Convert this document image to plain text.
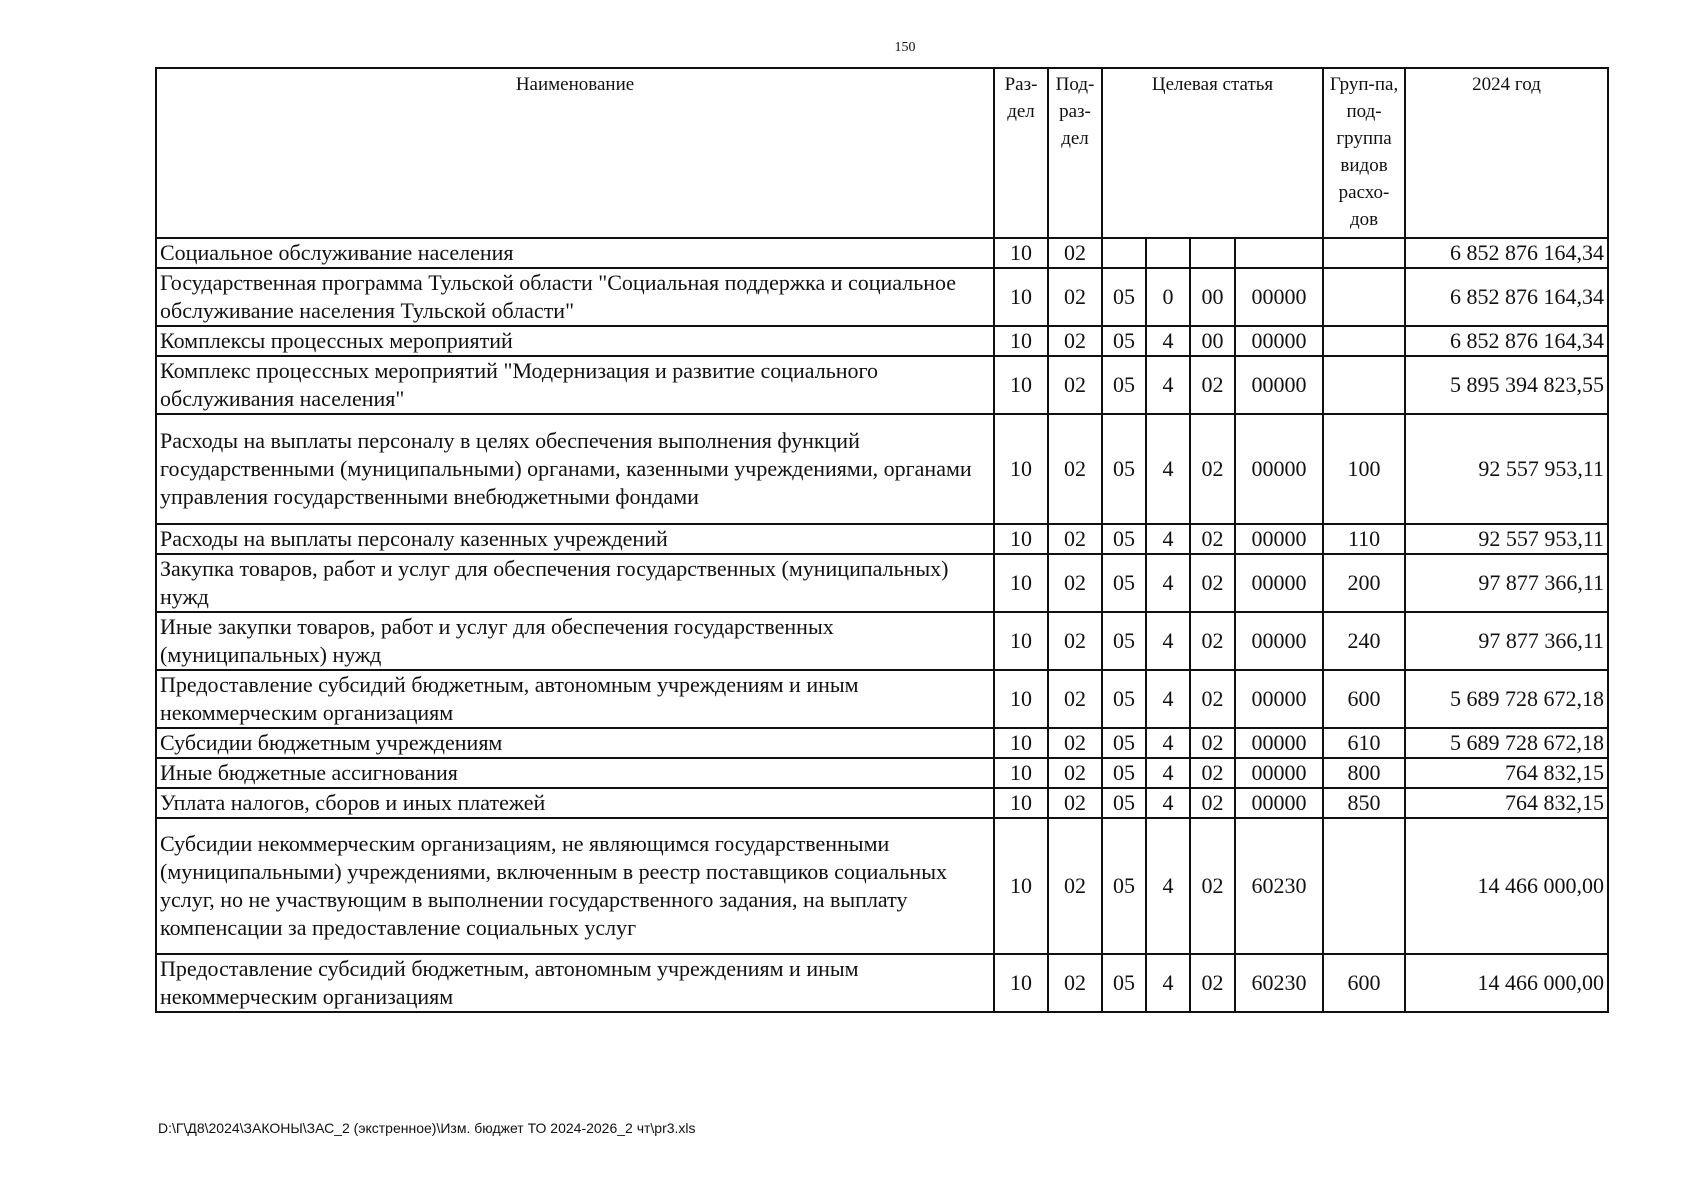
150
Наименование	Раз-дел	Под-раз-дел	Целевая статья				Груп-па, под-группа видов расхо-дов	2024 год
Социальное обслуживание населения	10	02						6 852 876 164,34
Государственная программа Тульской области "Социальная поддержка и социальное обслуживание населения Тульской области"	10	02	05	0	00	00000		6 852 876 164,34
Комплексы процессных мероприятий	10	02	05	4	00	00000		6 852 876 164,34
Комплекс процессных мероприятий "Модернизация и развитие социального обслуживания населения"	10	02	05	4	02	00000		5 895 394 823,55
Расходы на выплаты персоналу в целях обеспечения выполнения функций государственными (муниципальными) органами, казенными учреждениями, органами управления государственными внебюджетными фондами	10	02	05	4	02	00000	100	92 557 953,11
Расходы на выплаты персоналу казенных учреждений	10	02	05	4	02	00000	110	92 557 953,11
Закупка товаров, работ и услуг для обеспечения государственных (муниципальных) нужд	10	02	05	4	02	00000	200	97 877 366,11
Иные закупки товаров, работ и услуг для обеспечения государственных (муниципальных) нужд	10	02	05	4	02	00000	240	97 877 366,11
Предоставление субсидий бюджетным, автономным учреждениям и иным некоммерческим организациям	10	02	05	4	02	00000	600	5 689 728 672,18
Субсидии бюджетным учреждениям	10	02	05	4	02	00000	610	5 689 728 672,18
Иные бюджетные ассигнования	10	02	05	4	02	00000	800	764 832,15
Уплата налогов, сборов и иных платежей	10	02	05	4	02	00000	850	764 832,15
Субсидии некоммерческим организациям, не являющимся государственными (муниципальными) учреждениями, включенным в реестр поставщиков социальных услуг, но не участвующим в выполнении государственного задания, на выплату компенсации за предоставление социальных услуг	10	02	05	4	02	60230		14 466 000,00
Предоставление субсидий бюджетным, автономным учреждениям и иным некоммерческим организациям	10	02	05	4	02	60230	600	14 466 000,00
D:\Г\Д8\2024\ЗАКОНЫ\ЗАС_2 (экстренное)\Изм. бюджет ТО 2024-2026_2 чт\pr3.xls
